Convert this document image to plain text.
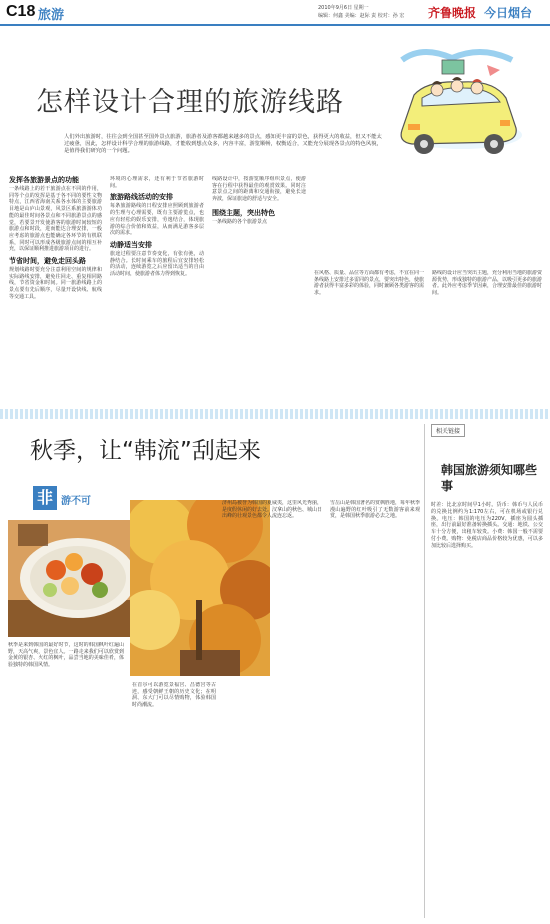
C18 旅游	2010年9月6日 星期一
编辑：何鑫 美编：赵际 责 校对：孙 宏 齐鲁晚报 今日烟台
怎样设计合理的旅游线路
人们外出旅游时，往往会到全国甚至国外景点旅游，旅游者及游客都越来越多的景点，感知更丰富的景色，获得更大的收益，但又不能太过疲惫，因此，怎样设计科学合理的旅游线路，才能收到想点众多，内容丰富，游览顺畅，权衡适合，又能充分展现各景点的特色风貌，是值得我们研究的一个问题。
发挥各旅游景点的功能

一条线路上的若干旅游点在不同的作用，同等个点的发挥是基于各不同的要性文物特点，江西省海南关系各水体的主要旅游目地是山庐山景观，风景区系旅游游体功能的最佳时间各景点和不同旅游景点的感觉，若要景开发使游客的旅游时间较短的旅游点和时段，进而能达合理安排，一般应考虑的旅游点也能确定各环节的有机联系，同时可以形成各级旅游点间的相互补充，以保证顺利推进旅游项目的进行。

节省时间，避免走回头路

规划线路时要充分注意利用空间的规律和实际路线安排，避免往回走、重复相同路线，节省资金和时间。同一旅游线路上的景点要有先后顺序，尽量开设快线、航线等交通工具。

环境的心理需求，还有利于节省旅游时间。

旅游路线活动的安排

每条旅游路线的日程安排应照顾到旅游者的生理与心理需要，既有主要游览点，也应有轻松的娱乐安排，劳逸结合，体现旅游的综合价值和效益，从而满足游客多层次的需求。

动静适当安排

旅途过程要注意节奏变化，有张有弛，动静结合。长时间乘车的旅程后宜安排轻松的活动，连续游览之后应留出适当的自由活动时间，使旅游者体力得到恢复。

线路设计中，按游览顺序组织景点，使游客在行程中获得最佳的观赏效果。同时注意景点之间的距离和交通衔接，避免长途奔波，保证旅途的舒适与安全。

围绕主题，突出特色

一条线路的各个旅游景点

在风格、质量、品位等方面都有考虑，不宜在同一条线路上安排过多雷同的景点，要突出特色，使旅游者获得丰富多彩的体验，同时兼顾各类游客的需求。

路线的设计应当突出主题，充分利用当地的旅游资源优势，形成独特的旅游产品，以吸引更多的旅游者。此外应考虑季节因素，合理安排最佳的旅游时间。

秋季，让“韩流”刮起来
非 游不可

秋季是来到韩国的最好时节，这时的韩国枫叶红遍山野，天高气爽，景色宜人。一路走来我们可以欣赏到金黄的银杏、火红的枫叶，品尝当地的美味佳肴，体验独特的韩国风情。

在首尔可以游览景福宫、昌德宫等古迹，感受朝鲜王朝的历史文化；在明洞、东大门可以尽情购物，体验韩国时尚潮流。

济州岛被誉为韩国的夏威夷，这里风光秀丽，是度假休闲的好去处。汉拿山的秋色、城山日出峰的壮观景色都令人流连忘返。

雪岳山是韩国著名的赏枫胜地，每年秋季漫山遍野的红叶吸引了无数游客前来观赏，是韩国秋季旅游必去之地。

相关链接
韩国旅游须知哪些事
时差：比北京时间早1小时。货币：韩币与人民币的兑换比例约为1:170左右，可在机场或银行兑换。电压：韩国的电压为220V，插座为圆头插座，出行前最好准备转换插头。交通：地铁、公交车十分方便，出租车较贵。小费：韩国一般不需要付小费。购物：免税店商品价格较为优惠，可以多加比较后选择购买。
